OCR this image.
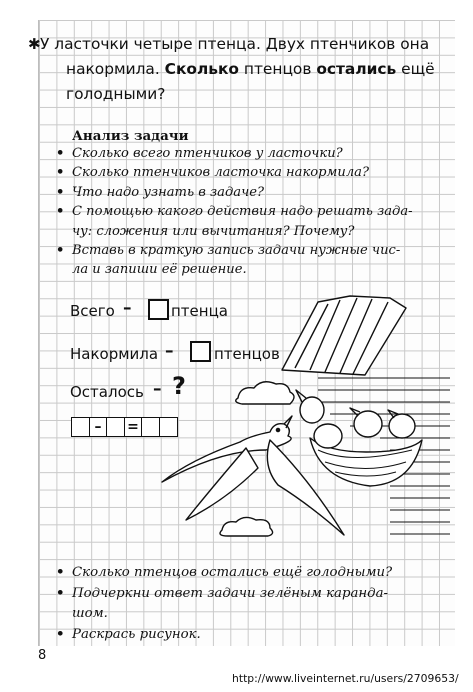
✱ У ласточки четыре птенца. Двух птенчиков она
накормила. Сколько птенцов остались ещё
голодными?
Анализ задачи
• Сколько всего птенчиков у ласточки?
• Сколько птенчиков ласточка накормила?
• Что надо узнать в задаче?
• С помощью какого действия надо решать зада-
чу: сложения или вычитания? Почему?
• Вставь в краткую запись задачи нужные чис-
ла и запиши её решение.
Всего –	птенца
Накормила –	птенцов
Осталось – ?
–	=
• Сколько птенцов остались ещё голодными?
• Подчеркни ответ задачи зелёным каранда-
шом.
• Раскрась рисунок.
8
http://www.liveinternet.ru/users/2709653/
